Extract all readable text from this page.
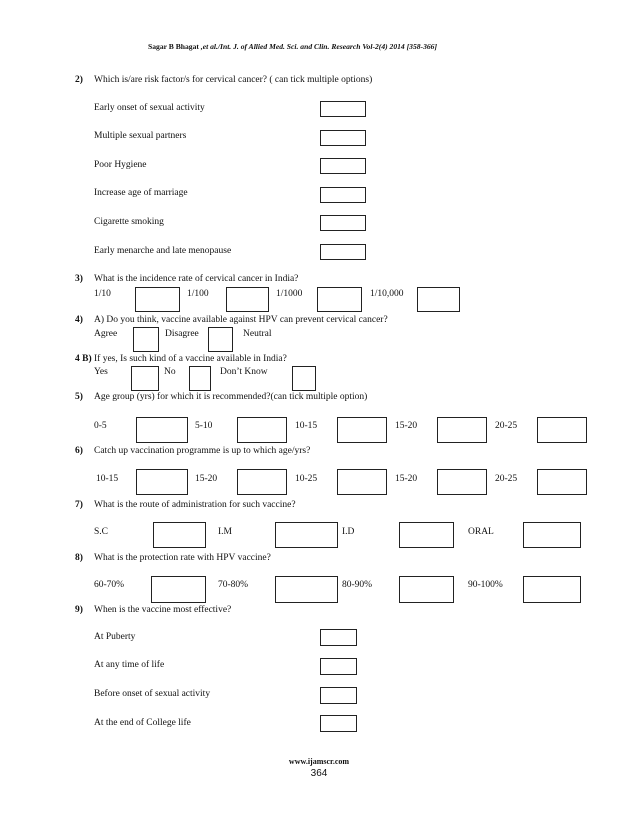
Sagar B Bhagat ,et al./Int. J. of Allied Med. Sci. and Clin. Research Vol-2(4) 2014 [358-366]
2) Which is/are risk factor/s for cervical cancer? ( can tick multiple options)
Early onset of sexual activity
Multiple sexual partners
Poor Hygiene
Increase age of marriage
Cigarette smoking
Early menarche and late menopause
3) What is the incidence rate of cervical cancer in India?
1/10	1/100	1/1000	1/10,000
4) A) Do you think, vaccine available against HPV can prevent cervical cancer?
Agree	Disagree	Neutral
4 B) If yes, Is such kind of a vaccine available in India?
Yes	No	Don’t Know
5) Age group (yrs) for which it is recommended?(can tick multiple option)
0-5	5-10	10-15	15-20	20-25
6) Catch up vaccination programme is up to which age/yrs?
10-15	15-20	10-25	15-20	20-25
7) What is the route of administration for such vaccine?
S.C	I.M	I.D	ORAL
8) What is the protection rate with HPV vaccine?
60-70%	70-80%	80-90%	90-100%
9) When is the vaccine most effective?
At Puberty
At any time of life
Before onset of sexual activity
At the end of College life
www.ijamscr.com
364
